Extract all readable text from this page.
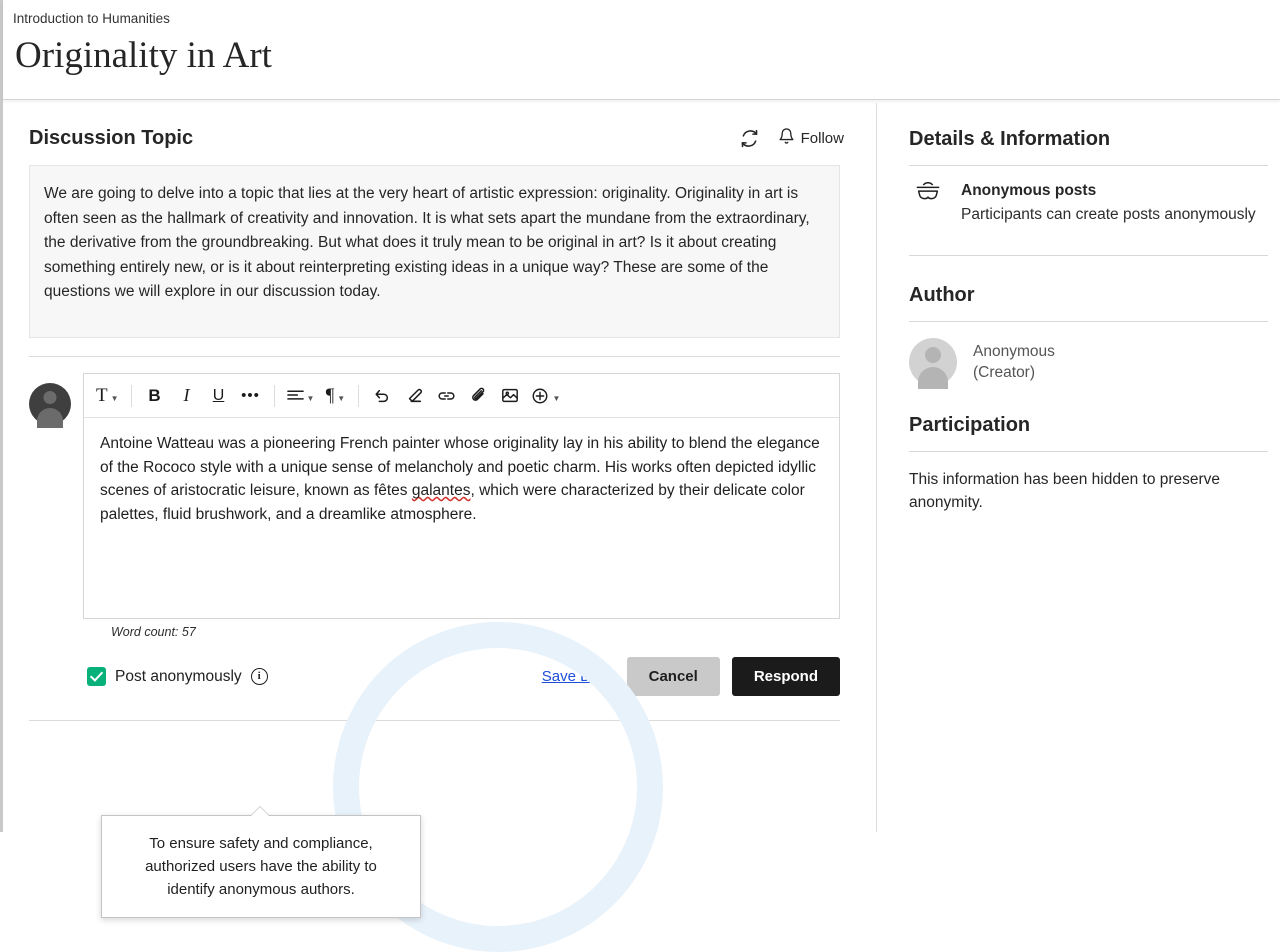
Introduction to Humanities
Originality in Art
Discussion Topic	Follow

We are going to delve into a topic that lies at the very heart of artistic expression: originality. Originality in art is often seen as the hallmark of creativity and innovation. It is what sets apart the mundane from the extraordinary, the derivative from the groundbreaking. But what does it truly mean to be original in art? Is it about creating something entirely new, or is it about reinterpreting existing ideas in a unique way? These are some of the questions we will explore in our discussion today.

T ▼	B	I	U	•••	▼ ¶ ▼	▼

Antoine Watteau was a pioneering French painter whose originality lay in his ability to blend the elegance of the Rococo style with a unique sense of melancholy and poetic charm. His works often depicted idyllic scenes of aristocratic leisure, known as fêtes galantes, which were characterized by their delicate color palettes, fluid brushwork, and a dreamlike atmosphere.

Word count: 57
Post anonymously	i	Save Draft	Cancel	Respond
To ensure safety and compliance, authorized users have the ability to identify anonymous authors.
Details & Information
Anonymous posts
Participants can create posts anonymously
Author
Anonymous
(Creator)
Participation
This information has been hidden to preserve anonymity.
